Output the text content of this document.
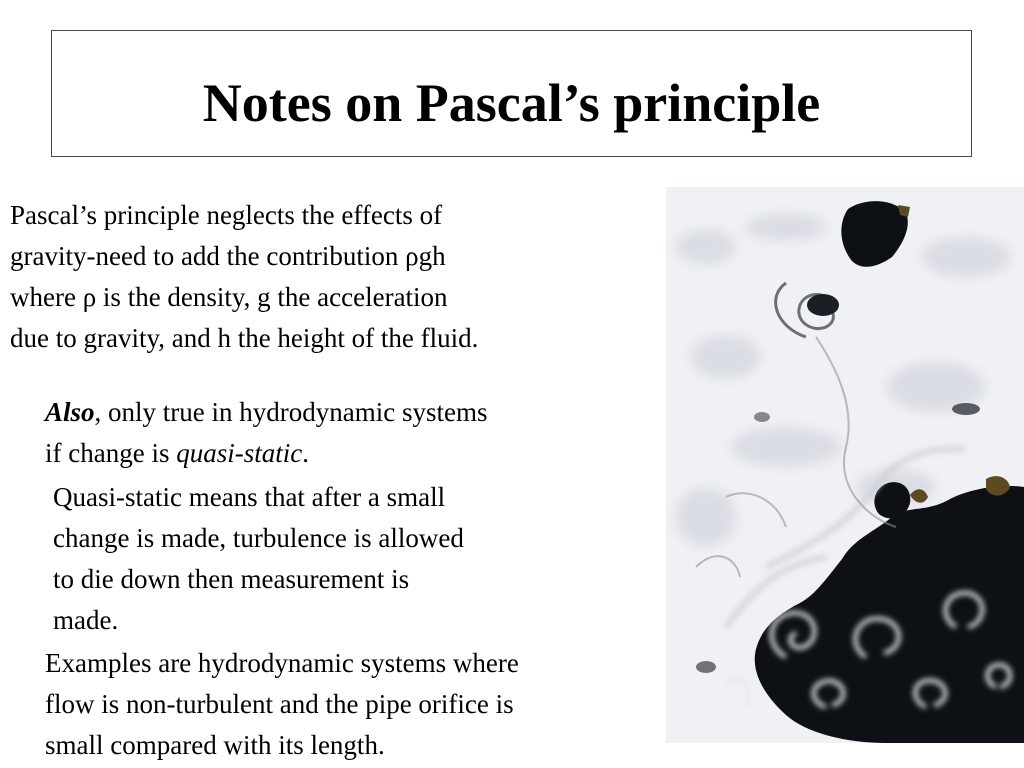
Notes on Pascal’s principle
Pascal’s principle neglects the effects of
gravity-need to add the contribution ρgh
where ρ is the density, g the acceleration
due to gravity, and h the height of the fluid.
Also, only true in hydrodynamic systems
if change is quasi-static.
Quasi-static means that after a small
change is made, turbulence is allowed
to die down then measurement is
made.
Examples are hydrodynamic systems where
flow is non-turbulent and the pipe orifice is
small compared with its length.
